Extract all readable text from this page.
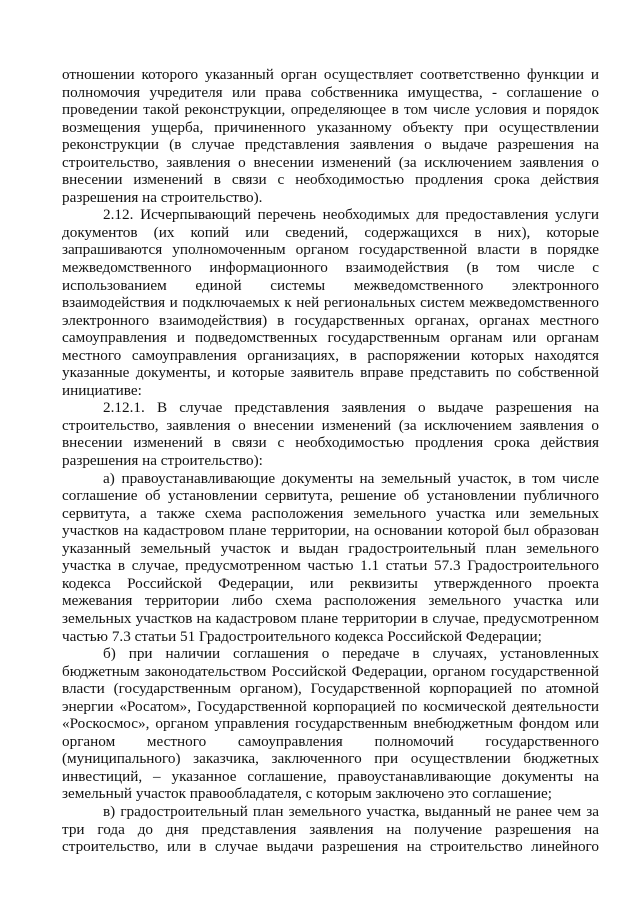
отношении которого указанный орган осуществляет соответственно функции и

полномочия учредителя или права собственника имущества, - соглашение о

проведении такой реконструкции, определяющее в том числе условия и порядок

возмещения ущерба, причиненного указанному объекту при осуществлении

реконструкции (в случае представления заявления о выдаче разрешения на

строительство, заявления о внесении изменений (за исключением заявления о

внесении изменений в связи с необходимостью продления срока действия

разрешения на строительство).

2.12. Исчерпывающий перечень необходимых для предоставления услуги

документов (их копий или сведений, содержащихся в них), которые

запрашиваются уполномоченным органом государственной власти в порядке

межведомственного информационного взаимодействия (в том числе с

использованием единой системы межведомственного электронного

взаимодействия и подключаемых к ней региональных систем межведомственного

электронного взаимодействия) в государственных органах, органах местного

самоуправления и подведомственных государственным органам или органам

местного самоуправления организациях, в распоряжении которых находятся

указанные документы, и которые заявитель вправе представить по собственной

инициативе:

2.12.1. В случае представления заявления о выдаче разрешения на

строительство, заявления о внесении изменений (за исключением заявления о

внесении изменений в связи с необходимостью продления срока действия

разрешения на строительство):

а) правоустанавливающие документы на земельный участок, в том числе

соглашение об установлении сервитута, решение об установлении публичного

сервитута, а также схема расположения земельного участка или земельных

участков на кадастровом плане территории, на основании которой был образован

указанный земельный участок и выдан градостроительный план земельного

участка в случае, предусмотренном частью 1.1 статьи 57.3 Градостроительного

кодекса Российской Федерации, или реквизиты утвержденного проекта

межевания территории либо схема расположения земельного участка или

земельных участков на кадастровом плане территории в случае, предусмотренном

частью 7.3 статьи 51 Градостроительного кодекса Российской Федерации;

б) при наличии соглашения о передаче в случаях, установленных

бюджетным законодательством Российской Федерации, органом государственной

власти (государственным органом), Государственной корпорацией по атомной

энергии «Росатом», Государственной корпорацией по космической деятельности

«Роскосмос», органом управления государственным внебюджетным фондом или

органом местного самоуправления полномочий государственного

(муниципального) заказчика, заключенного при осуществлении бюджетных

инвестиций, – указанное соглашение, правоустанавливающие документы на

земельный участок правообладателя, с которым заключено это соглашение;

в) градостроительный план земельного участка, выданный не ранее чем за

три года до дня представления заявления на получение разрешения на

строительство, или в случае выдачи разрешения на строительство линейного
